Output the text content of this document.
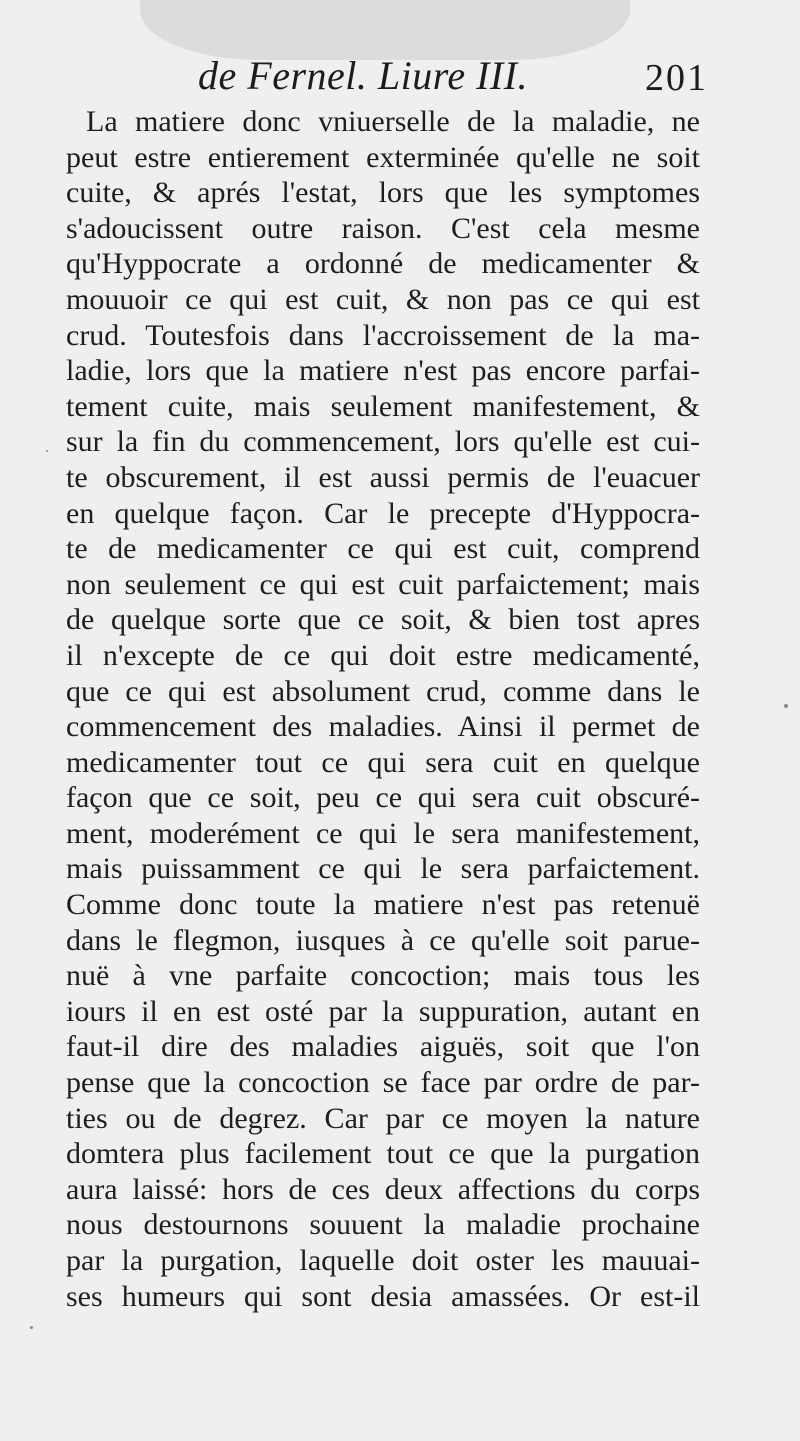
de Fernel. Liure III.	201
La matiere donc vniuerselle de la maladie, ne
peut estre entierement exterminée qu'elle ne soit
cuite, & aprés l'estat, lors que les symptomes
s'adoucissent outre raison. C'est cela mesme
qu'Hyppocrate a ordonné de medicamenter &
mouuoir ce qui est cuit, & non pas ce qui est
crud. Toutesfois dans l'accroissement de la ma-
ladie, lors que la matiere n'est pas encore parfai-
tement cuite, mais seulement manifestement, &
sur la fin du commencement, lors qu'elle est cui-
te obscurement, il est aussi permis de l'euacuer
en quelque façon. Car le precepte d'Hyppocra-
te de medicamenter ce qui est cuit, comprend
non seulement ce qui est cuit parfaictement; mais
de quelque sorte que ce soit, & bien tost apres
il n'excepte de ce qui doit estre medicamenté,
que ce qui est absolument crud, comme dans le
commencement des maladies. Ainsi il permet de
medicamenter tout ce qui sera cuit en quelque
façon que ce soit, peu ce qui sera cuit obscuré-
ment, moderément ce qui le sera manifestement,
mais puissamment ce qui le sera parfaictement.
Comme donc toute la matiere n'est pas retenuë
dans le flegmon, iusques à ce qu'elle soit parue-
nuë à vne parfaite concoction; mais tous les
iours il en est osté par la suppuration, autant en
faut-il dire des maladies aiguës, soit que l'on
pense que la concoction se face par ordre de par-
ties ou de degrez. Car par ce moyen la nature
domtera plus facilement tout ce que la purgation
aura laissé: hors de ces deux affections du corps
nous destournons souuent la maladie prochaine
par la purgation, laquelle doit oster les mauuai-
ses humeurs qui sont desia amassées. Or est-il
